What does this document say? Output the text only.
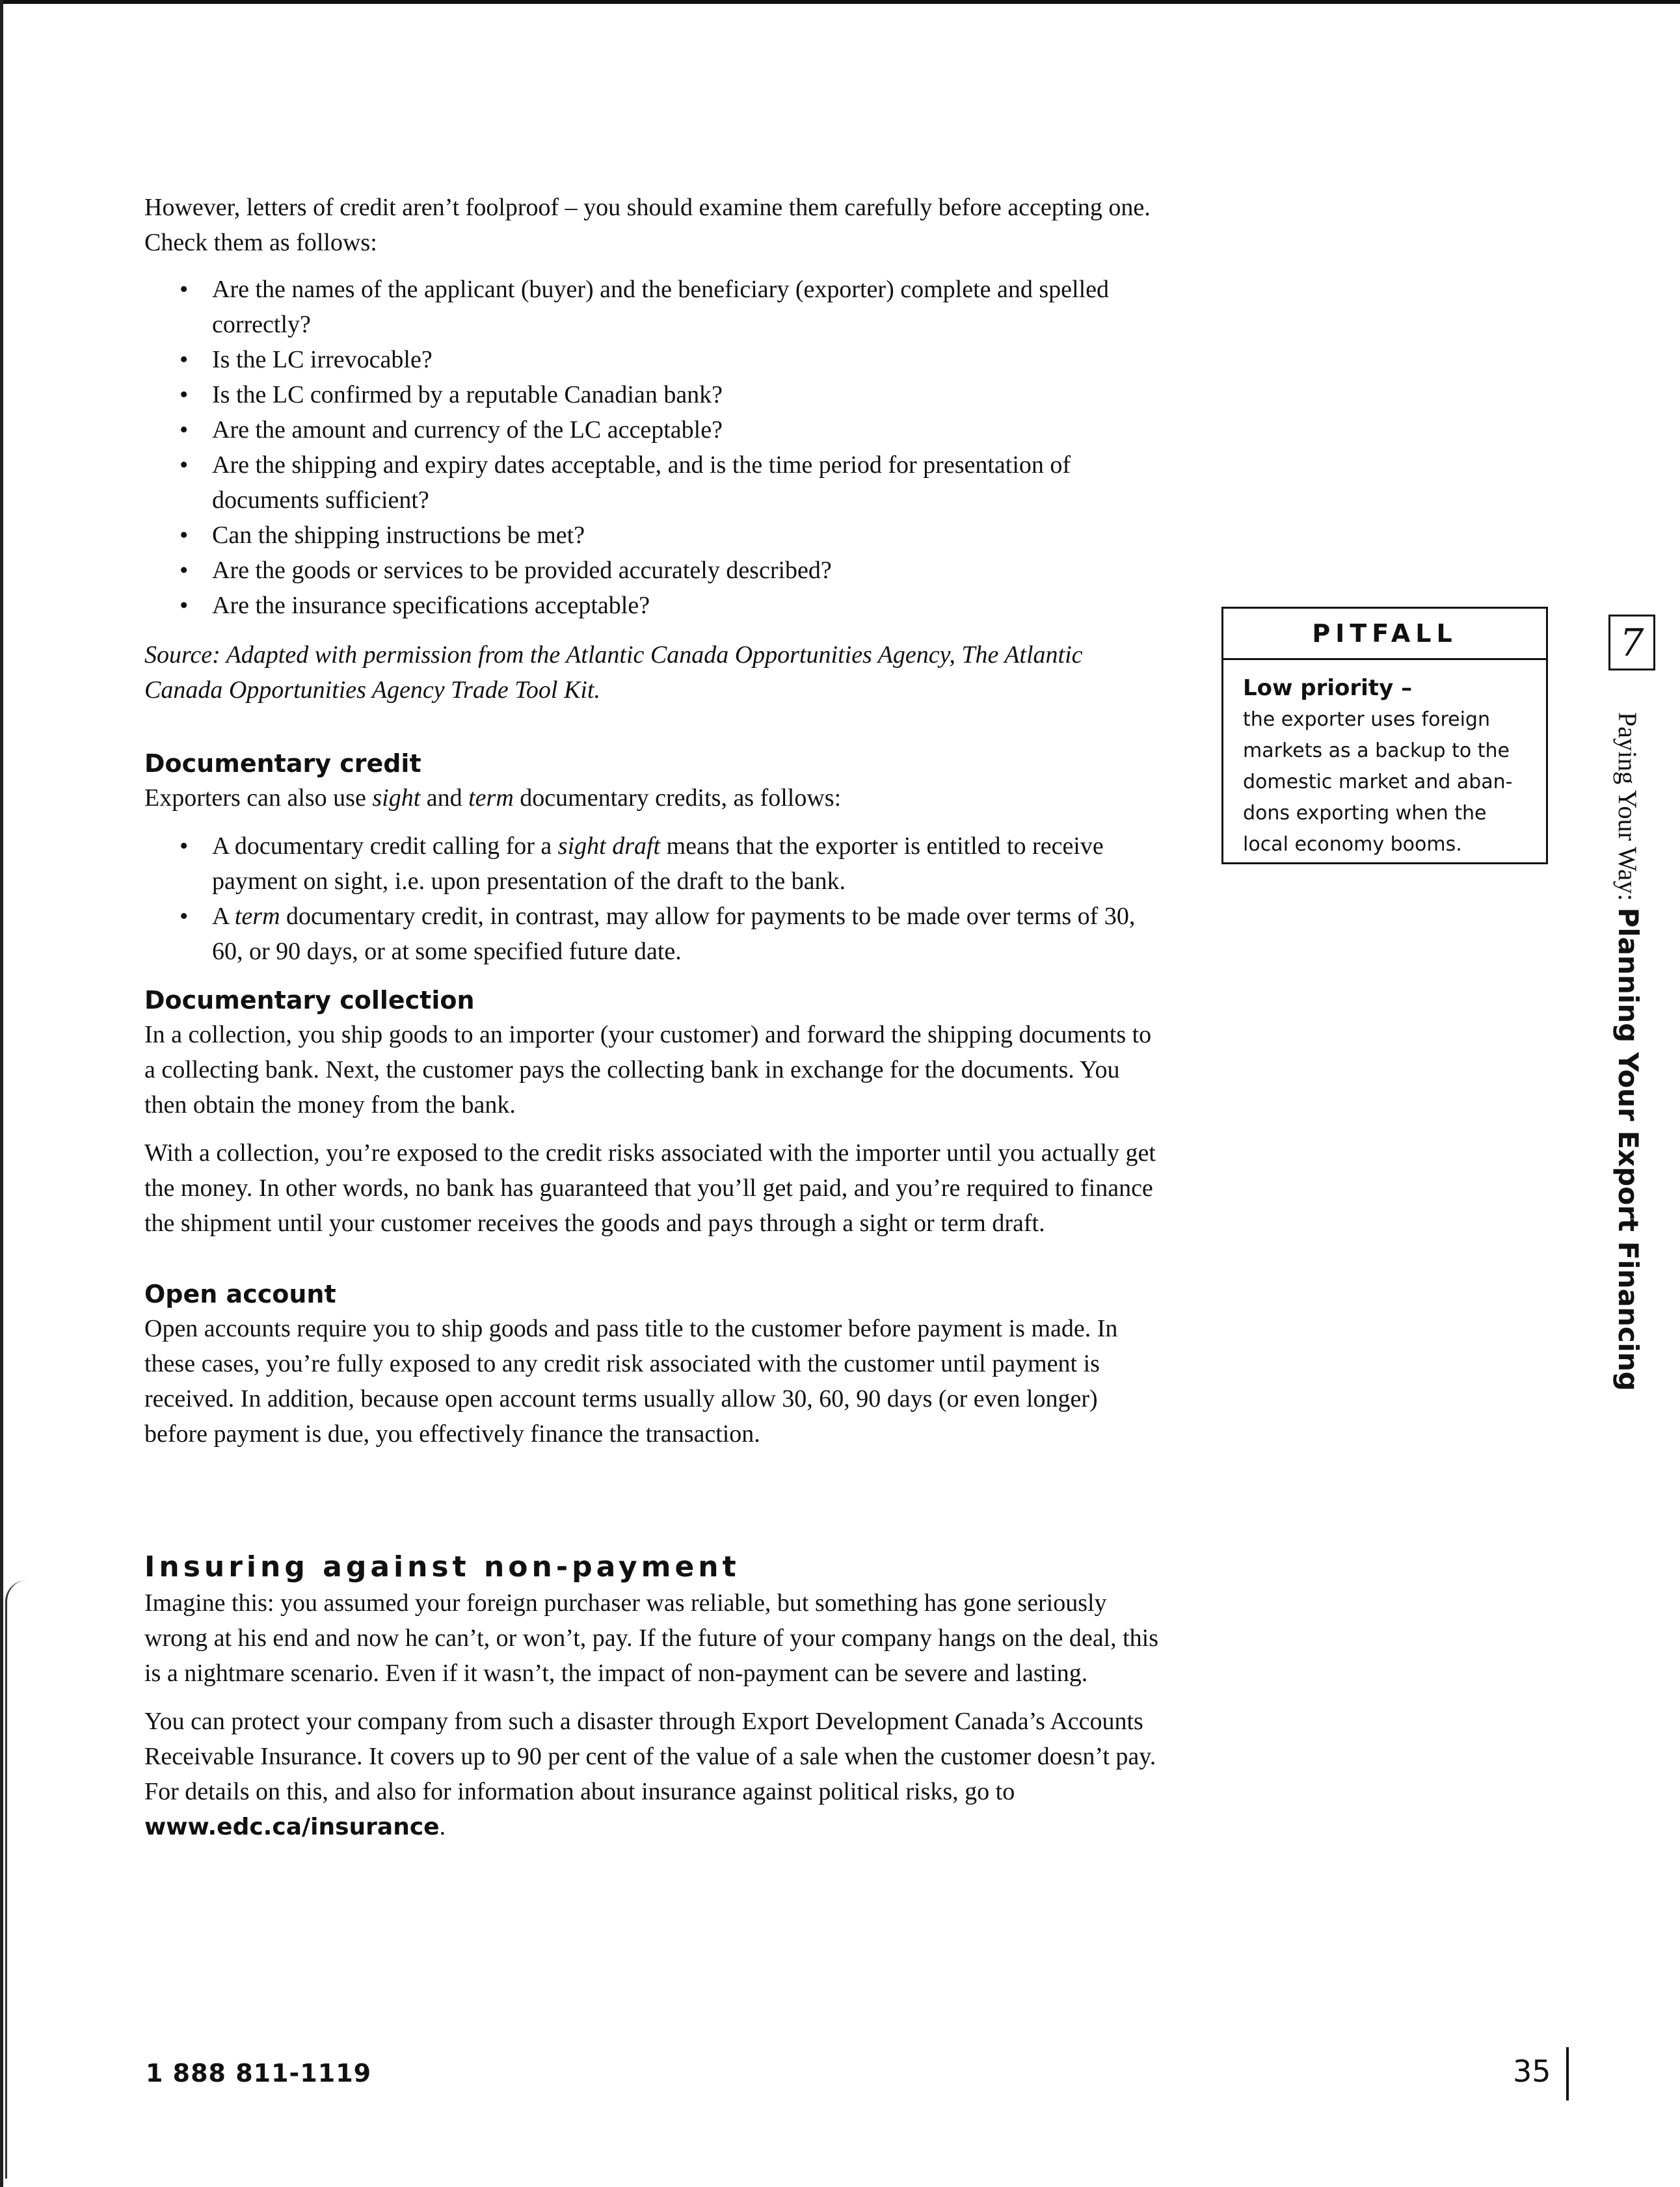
However, letters of credit aren’t foolproof – you should examine them carefully before accepting one. Check them as follows:

• Are the names of the applicant (buyer) and the beneficiary (exporter) complete and spelled correctly?
• Is the LC irrevocable?
• Is the LC confirmed by a reputable Canadian bank?
• Are the amount and currency of the LC acceptable?
• Are the shipping and expiry dates acceptable, and is the time period for presentation of documents sufficient?
• Can the shipping instructions be met?
• Are the goods or services to be provided accurately described?
• Are the insurance specifications acceptable?

Source: Adapted with permission from the Atlantic Canada Opportunities Agency, The Atlantic Canada Opportunities Agency Trade Tool Kit.

Documentary credit

Exporters can also use sight and term documentary credits, as follows:

• A documentary credit calling for a sight draft means that the exporter is entitled to receive payment on sight, i.e. upon presentation of the draft to the bank.
• A term documentary credit, in contrast, may allow for payments to be made over terms of 30, 60, or 90 days, or at some specified future date.
Documentary collection

In a collection, you ship goods to an importer (your customer) and forward the shipping documents to a collecting bank. Next, the customer pays the collecting bank in exchange for the documents. You then obtain the money from the bank.

With a collection, you’re exposed to the credit risks associated with the importer until you actually get the money. In other words, no bank has guaranteed that you’ll get paid, and you’re required to finance the shipment until your customer receives the goods and pays through a sight or term draft.

Open account

Open accounts require you to ship goods and pass title to the customer before payment is made. In these cases, you’re fully exposed to any credit risk associated with the customer until payment is received. In addition, because open account terms usually allow 30, 60, 90 days (or even longer) before payment is due, you effectively finance the transaction.

Insuring against non-payment

Imagine this: you assumed your foreign purchaser was reliable, but something has gone seriously wrong at his end and now he can’t, or won’t, pay. If the future of your company hangs on the deal, this is a nightmare scenario. Even if it wasn’t, the impact of non-payment can be severe and lasting.

You can protect your company from such a disaster through Export Development Canada’s Accounts Receivable Insurance. It covers up to 90 per cent of the value of a sale when the customer doesn’t pay. For details on this, and also for information about insurance against political risks, go to www.edc.ca/insurance.

PITFALL
Low priority –
the exporter uses foreign markets as a backup to the domestic market and aban-dons exporting when the local economy booms.
7
Paying Your Way: Planning Your Export Financing
1 888 811-1119	35
